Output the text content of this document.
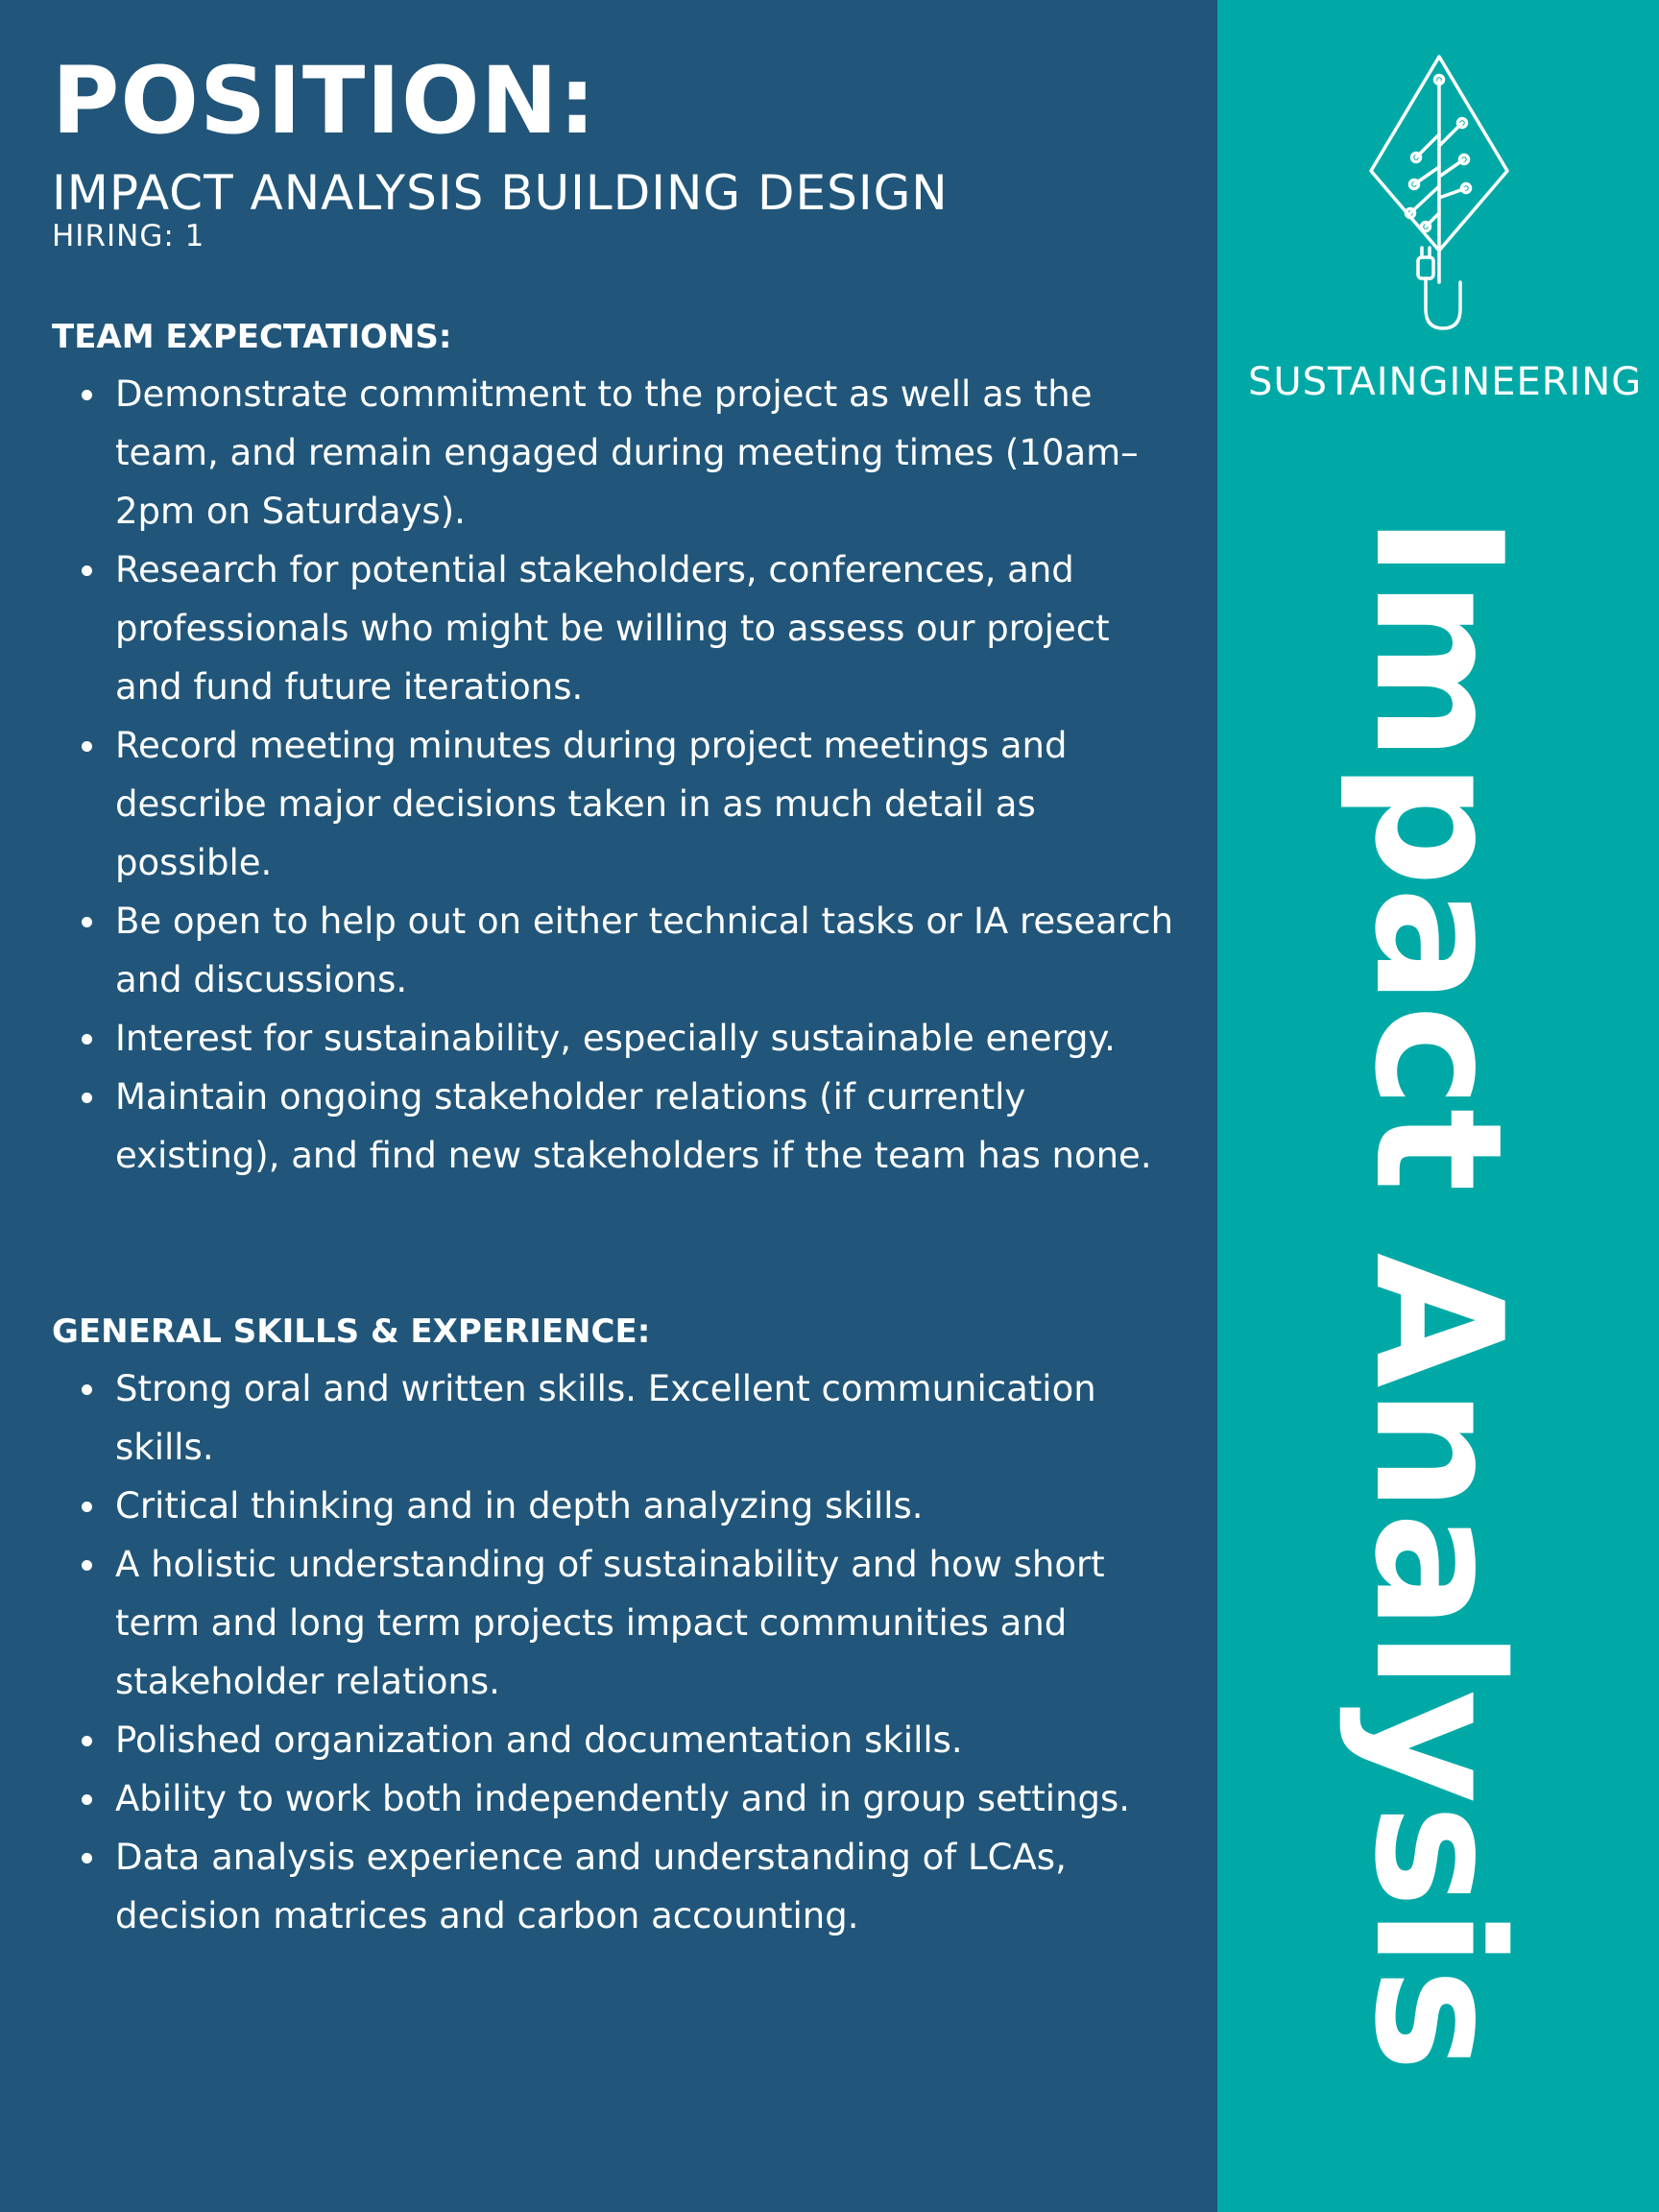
POSITION:
IMPACT ANALYSIS BUILDING DESIGN

HIRING: 1

TEAM EXPECTATIONS:
Demonstrate commitment to the project as well as the team, and remain engaged during meeting times (10am–2pm on Saturdays).
Research for potential stakeholders, conferences, and professionals who might be willing to assess our project and fund future iterations.
Record meeting minutes during project meetings and describe major decisions taken in as much detail as possible.
Be open to help out on either technical tasks or IA research and discussions.
Interest for sustainability, especially sustainable energy.
Maintain ongoing stakeholder relations (if currently existing), and find new stakeholders if the team has none.
GENERAL SKILLS & EXPERIENCE:
Strong oral and written skills. Excellent communication skills.
Critical thinking and in depth analyzing skills.
A holistic understanding of sustainability and how short term and long term projects impact communities and stakeholder relations.
Polished organization and documentation skills.
Ability to work both independently and in group settings.
Data analysis experience and understanding of LCAs, decision matrices and carbon accounting.

SUSTAINGINEERING

Impact Analysis
